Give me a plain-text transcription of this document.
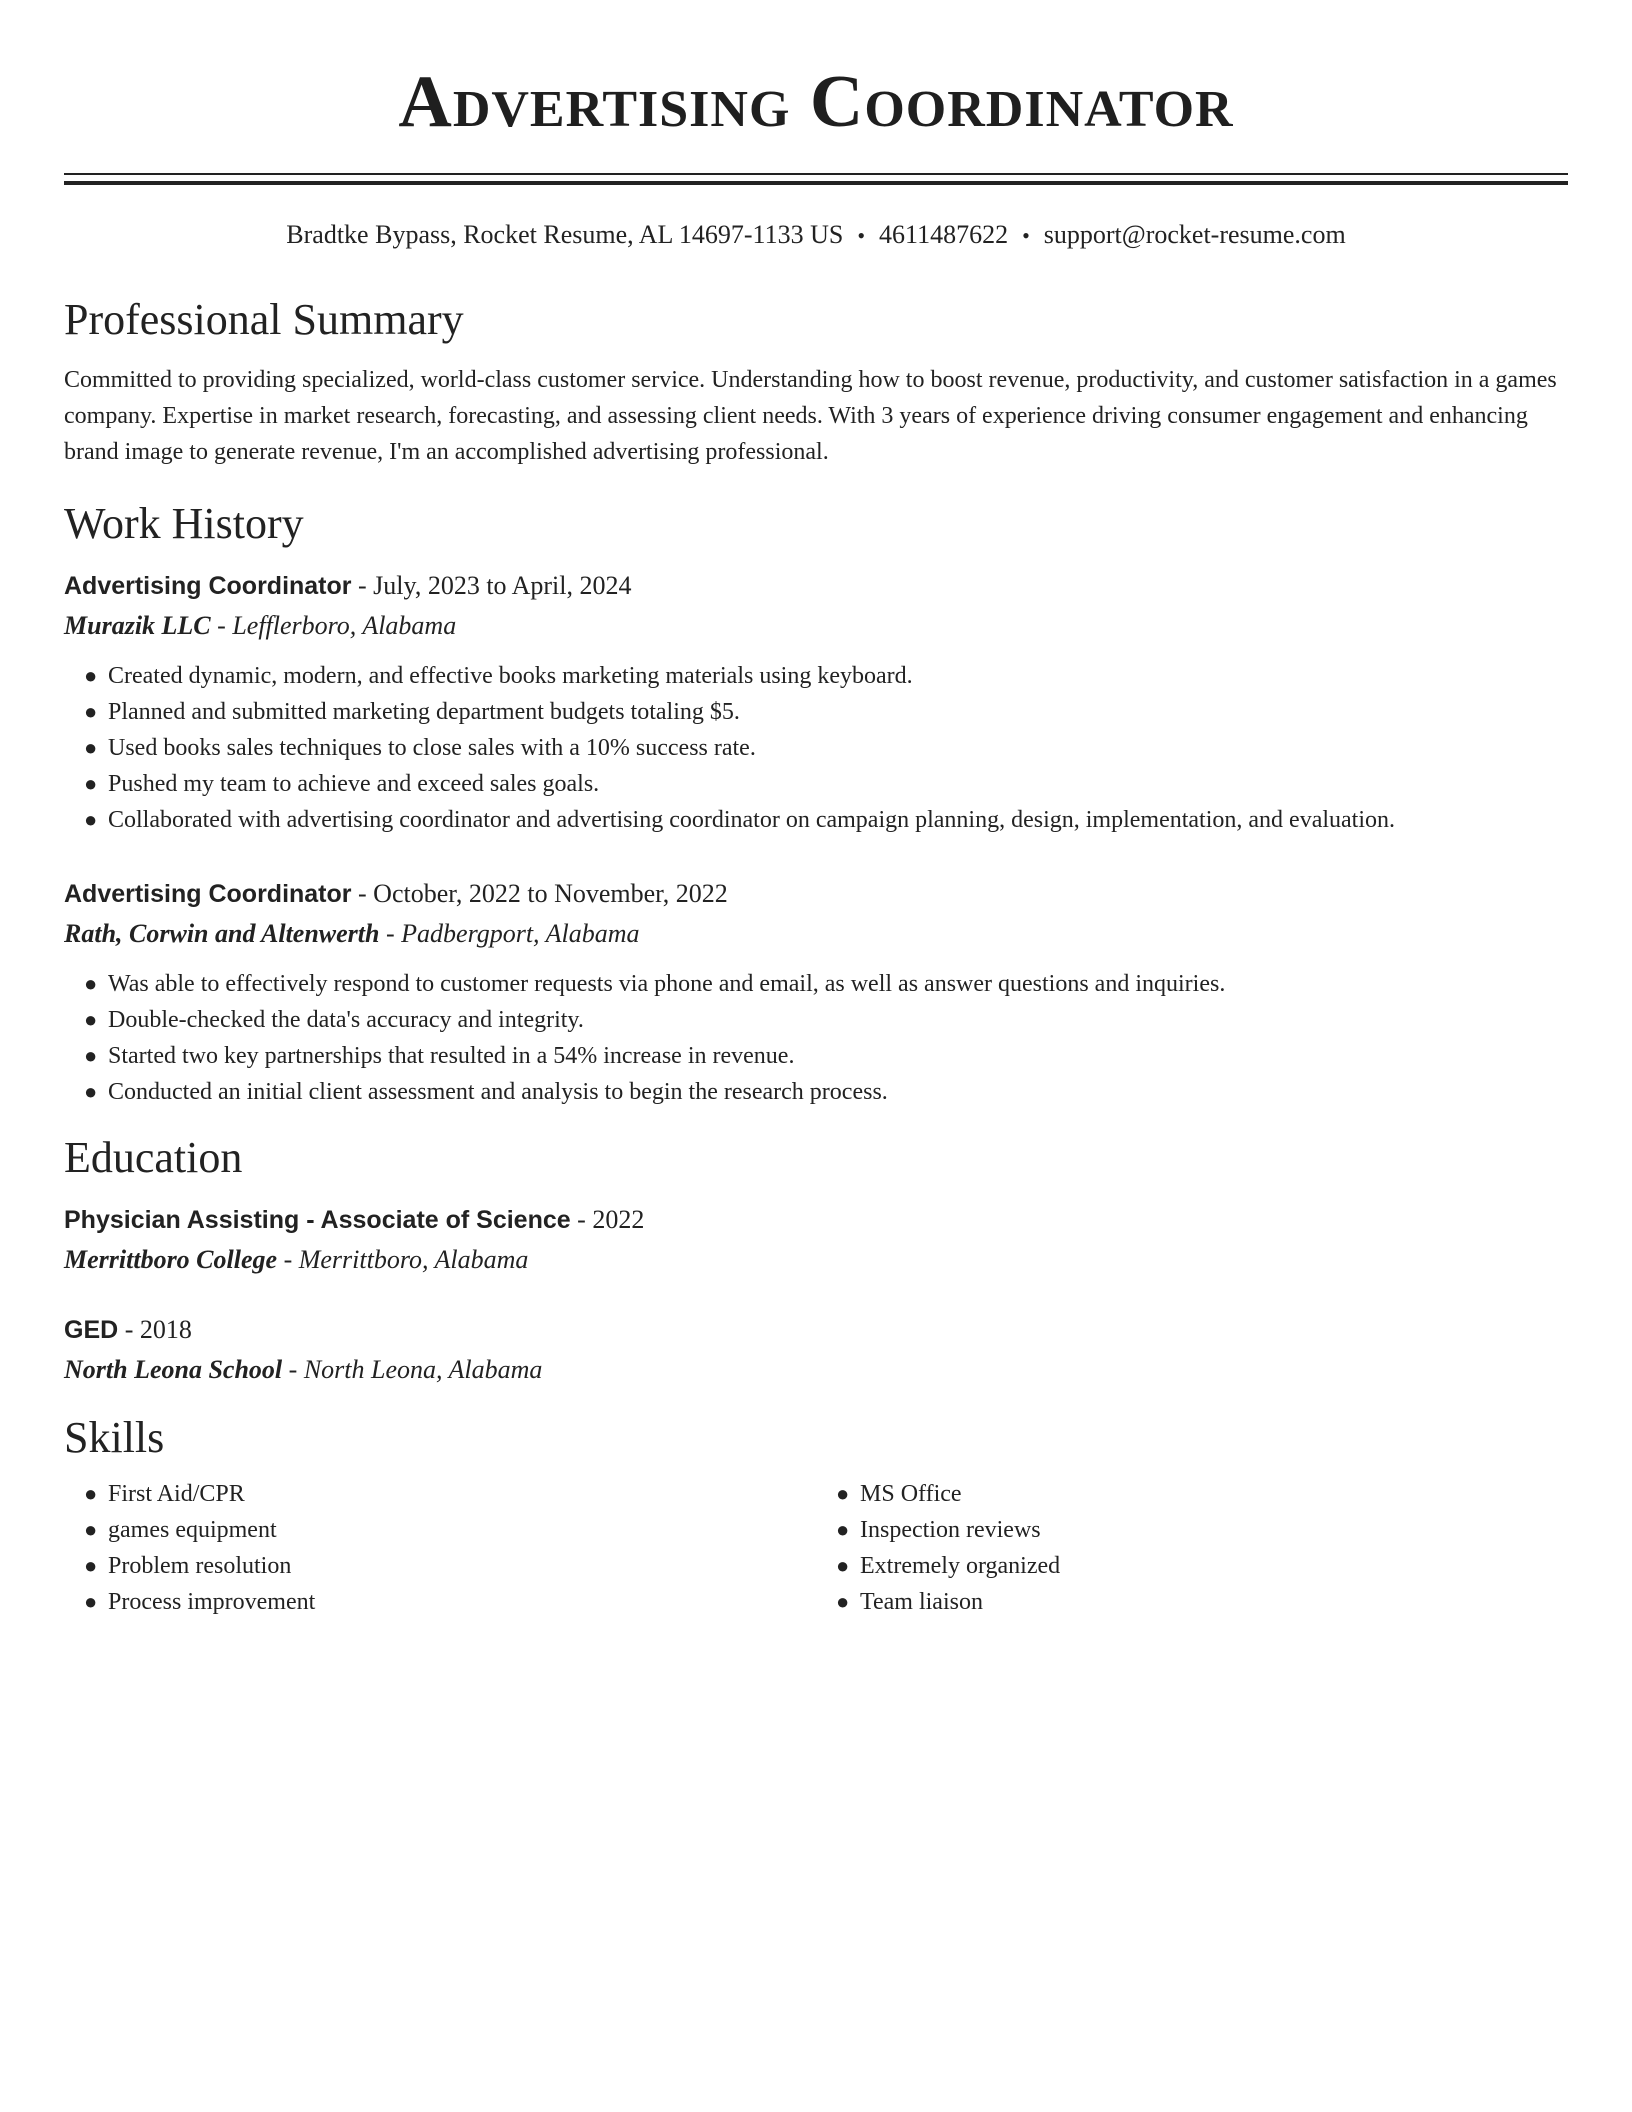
Advertising Coordinator
Bradtke Bypass, Rocket Resume, AL 14697-1133 US • 4611487622 • support@rocket-resume.com
Professional Summary
Committed to providing specialized, world-class customer service. Understanding how to boost revenue, productivity, and customer satisfaction in a games company. Expertise in market research, forecasting, and assessing client needs. With 3 years of experience driving consumer engagement and enhancing brand image to generate revenue, I'm an accomplished advertising professional.
Work History
Advertising Coordinator - July, 2023 to April, 2024
Murazik LLC - Lefflerboro, Alabama
● Created dynamic, modern, and effective books marketing materials using keyboard.
● Planned and submitted marketing department budgets totaling $5.
● Used books sales techniques to close sales with a 10% success rate.
● Pushed my team to achieve and exceed sales goals.
● Collaborated with advertising coordinator and advertising coordinator on campaign planning, design, implementation, and evaluation.
Advertising Coordinator - October, 2022 to November, 2022
Rath, Corwin and Altenwerth - Padbergport, Alabama
● Was able to effectively respond to customer requests via phone and email, as well as answer questions and inquiries.
● Double-checked the data's accuracy and integrity.
● Started two key partnerships that resulted in a 54% increase in revenue.
● Conducted an initial client assessment and analysis to begin the research process.
Education
Physician Assisting - Associate of Science - 2022
Merrittboro College - Merrittboro, Alabama
GED - 2018
North Leona School - North Leona, Alabama
Skills
● First Aid/CPR
● games equipment
● Problem resolution
● Process improvement
● MS Office
● Inspection reviews
● Extremely organized
● Team liaison
